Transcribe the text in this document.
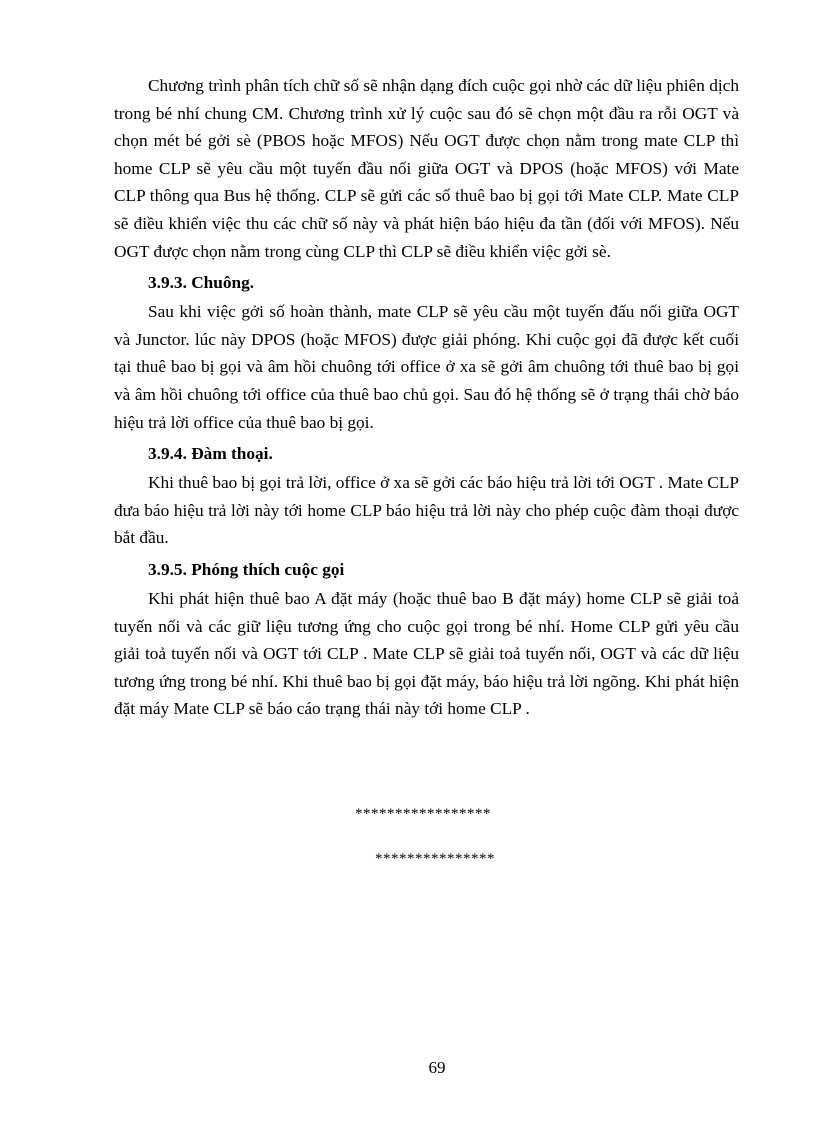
Chương trình phân tích chữ số sẽ nhận dạng đích cuộc gọi nhờ các dữ liệu phiên dịch trong bé nhí chung CM. Chương trình xử lý cuộc sau đó sẽ chọn một đầu ra rỗi OGT và chọn mét bé gởi sè (PBOS hoặc MFOS) Nếu OGT được chọn nằm trong mate CLP thì home CLP sẽ yêu cầu một tuyến đầu nối giữa OGT và DPOS (hoặc MFOS) với Mate CLP thông qua Bus hệ thống. CLP sẽ gửi các số thuê bao bị gọi tới Mate CLP. Mate CLP sẽ điều khiển việc thu các chữ số này và phát hiện báo hiệu đa tần (đối với MFOS). Nếu OGT được chọn nằm trong cùng CLP thì CLP sẽ điều khiển việc gởi sè.

3.9.3. Chuông.

Sau khi việc gởi số hoàn thành, mate CLP sẽ yêu cầu một tuyến đấu nối giữa OGT và Junctor. lúc này DPOS (hoặc MFOS) được giải phóng. Khi cuộc gọi đã được kết cuối tại thuê bao bị gọi và âm hồi chuông tới office ở xa sẽ gởi âm chuông tới thuê bao bị gọi và âm hồi chuông tới office của thuê bao chủ gọi. Sau đó hệ thống sẽ ở trạng thái chờ báo hiệu trả lời office của thuê bao bị gọi.

3.9.4. Đàm thoại.

Khi thuê bao bị gọi trả lời, office ở xa sẽ gởi các báo hiệu trả lời tới OGT . Mate CLP đưa báo hiệu trả lời này tới home CLP báo hiệu trả lời này cho phép cuộc đàm thoại được bắt đầu.

3.9.5. Phóng thích cuộc gọi

Khi phát hiện thuê bao A đặt máy (hoặc thuê bao B đặt máy) home CLP sẽ giải toả tuyến nối và các giữ liệu tương ứng cho cuộc gọi trong bé nhí. Home CLP gửi yêu cầu giải toả tuyến nối và OGT tới CLP . Mate CLP sẽ giải toả tuyến nối, OGT và các dữ liệu tương ứng trong bé nhí. Khi thuê bao bị gọi đặt máy, báo hiệu trả lời ngõng. Khi phát hiện đặt máy Mate CLP sẽ báo cáo trạng thái này tới home CLP .

*****************
***************
69
